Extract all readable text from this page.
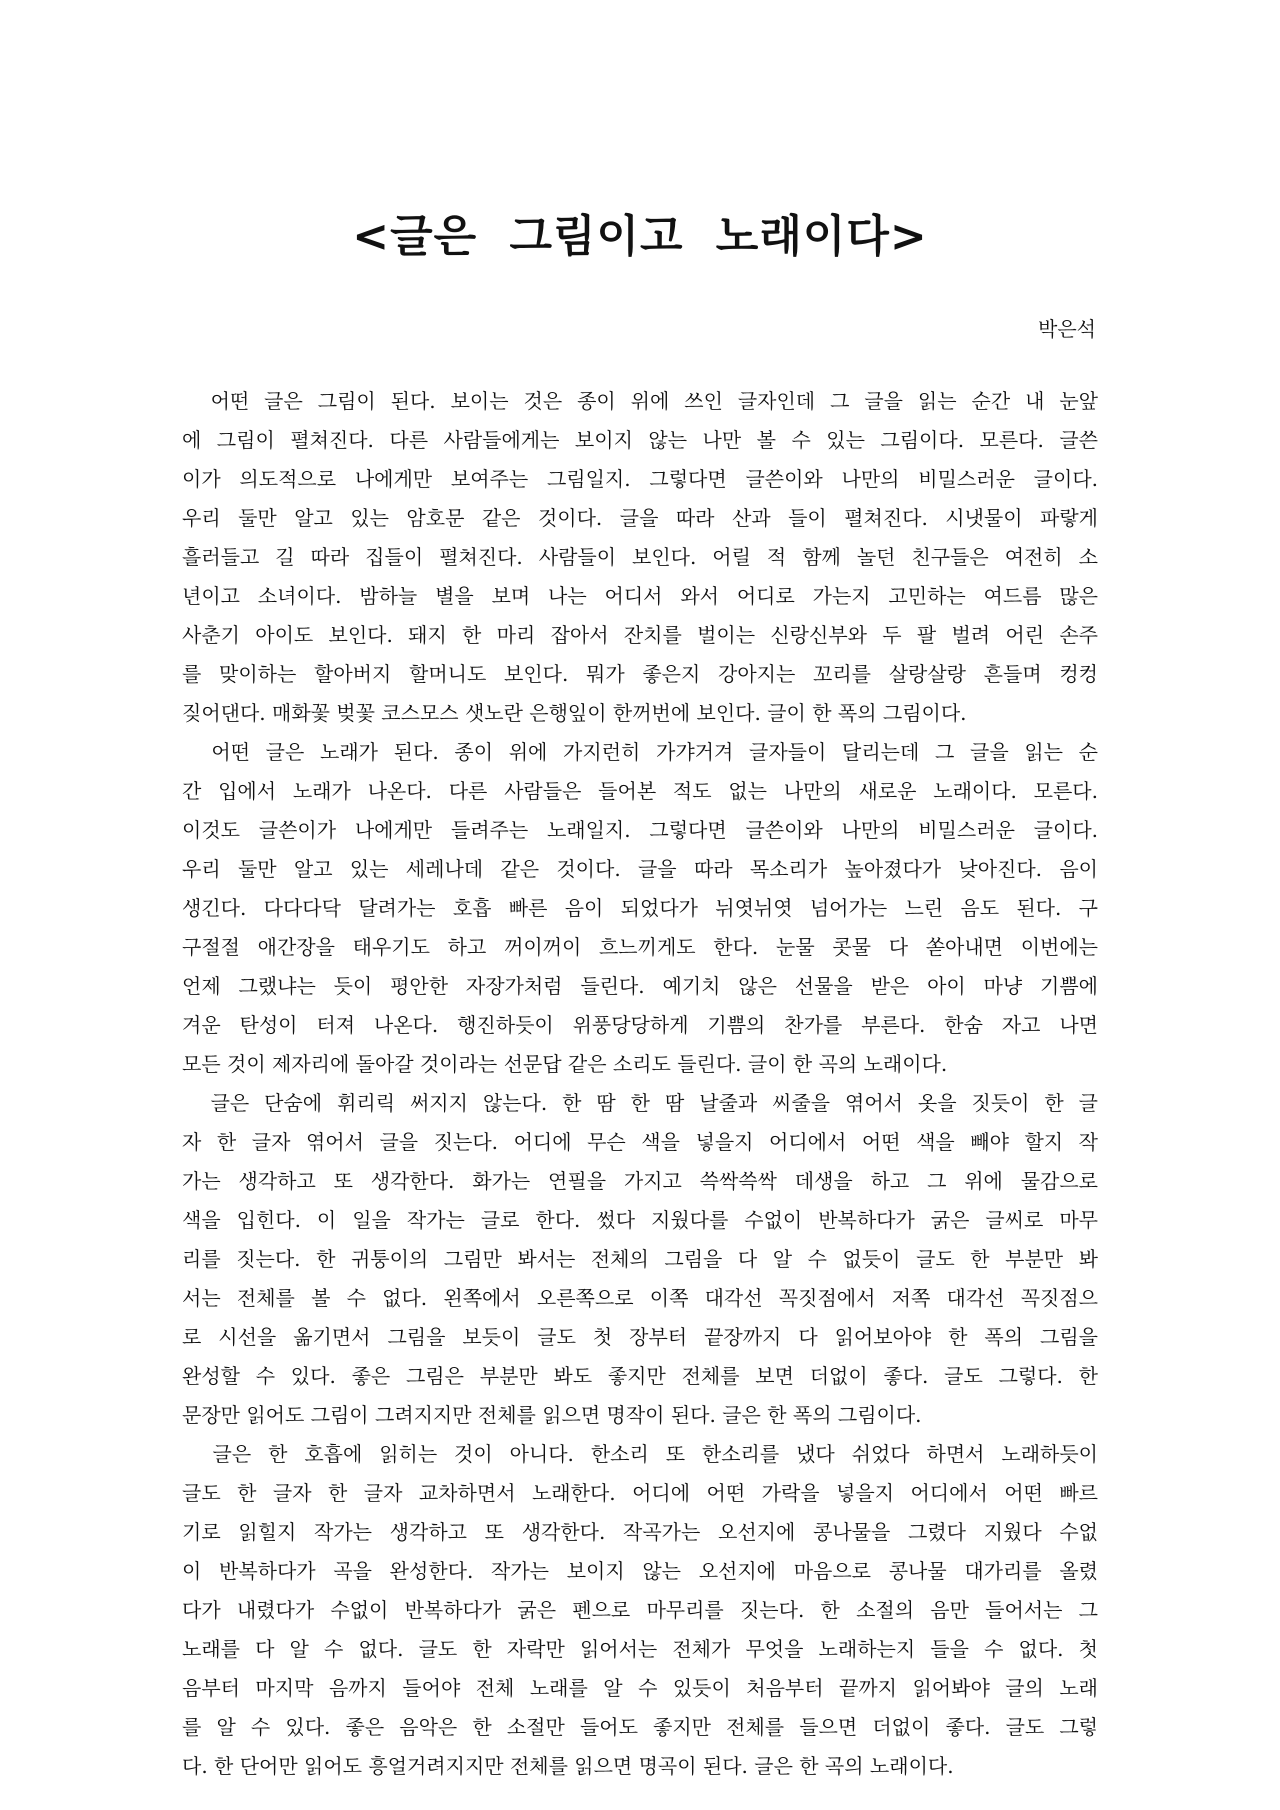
<글은 그림이고 노래이다>

박은석

　어떤 글은 그림이 된다. 보이는 것은 종이 위에 쓰인 글자인데 그 글을 읽는 순간 내 눈앞
에 그림이 펼쳐진다. 다른 사람들에게는 보이지 않는 나만 볼 수 있는 그림이다. 모른다. 글쓴
이가 의도적으로 나에게만 보여주는 그림일지. 그렇다면 글쓴이와 나만의 비밀스러운 글이다.
우리 둘만 알고 있는 암호문 같은 것이다. 글을 따라 산과 들이 펼쳐진다. 시냇물이 파랗게
흘러들고 길 따라 집들이 펼쳐진다. 사람들이 보인다. 어릴 적 함께 놀던 친구들은 여전히 소
년이고 소녀이다. 밤하늘 별을 보며 나는 어디서 와서 어디로 가는지 고민하는 여드름 많은
사춘기 아이도 보인다. 돼지 한 마리 잡아서 잔치를 벌이는 신랑신부와 두 팔 벌려 어린 손주
를 맞이하는 할아버지 할머니도 보인다. 뭐가 좋은지 강아지는 꼬리를 살랑살랑 흔들며 컹컹
짖어댄다. 매화꽃 벚꽃 코스모스 샛노란 은행잎이 한꺼번에 보인다. 글이 한 폭의 그림이다.
　어떤 글은 노래가 된다. 종이 위에 가지런히 가갸거겨 글자들이 달리는데 그 글을 읽는 순
간 입에서 노래가 나온다. 다른 사람들은 들어본 적도 없는 나만의 새로운 노래이다. 모른다.
이것도 글쓴이가 나에게만 들려주는 노래일지. 그렇다면 글쓴이와 나만의 비밀스러운 글이다.
우리 둘만 알고 있는 세레나데 같은 것이다. 글을 따라 목소리가 높아졌다가 낮아진다. 음이
생긴다. 다다다닥 달려가는 호흡 빠른 음이 되었다가 뉘엿뉘엿 넘어가는 느린 음도 된다. 구
구절절 애간장을 태우기도 하고 꺼이꺼이 흐느끼게도 한다. 눈물 콧물 다 쏟아내면 이번에는
언제 그랬냐는 듯이 평안한 자장가처럼 들린다. 예기치 않은 선물을 받은 아이 마냥 기쁨에
겨운 탄성이 터져 나온다. 행진하듯이 위풍당당하게 기쁨의 찬가를 부른다. 한숨 자고 나면
모든 것이 제자리에 돌아갈 것이라는 선문답 같은 소리도 들린다. 글이 한 곡의 노래이다.
　글은 단숨에 휘리릭 써지지 않는다. 한 땀 한 땀 날줄과 씨줄을 엮어서 옷을 짓듯이 한 글
자 한 글자 엮어서 글을 짓는다. 어디에 무슨 색을 넣을지 어디에서 어떤 색을 빼야 할지 작
가는 생각하고 또 생각한다. 화가는 연필을 가지고 쓱싹쓱싹 데생을 하고 그 위에 물감으로
색을 입힌다. 이 일을 작가는 글로 한다. 썼다 지웠다를 수없이 반복하다가 굵은 글씨로 마무
리를 짓는다. 한 귀퉁이의 그림만 봐서는 전체의 그림을 다 알 수 없듯이 글도 한 부분만 봐
서는 전체를 볼 수 없다. 왼쪽에서 오른쪽으로 이쪽 대각선 꼭짓점에서 저쪽 대각선 꼭짓점으
로 시선을 옮기면서 그림을 보듯이 글도 첫 장부터 끝장까지 다 읽어보아야 한 폭의 그림을
완성할 수 있다. 좋은 그림은 부분만 봐도 좋지만 전체를 보면 더없이 좋다. 글도 그렇다. 한
문장만 읽어도 그림이 그려지지만 전체를 읽으면 명작이 된다. 글은 한 폭의 그림이다.
　글은 한 호흡에 읽히는 것이 아니다. 한소리 또 한소리를 냈다 쉬었다 하면서 노래하듯이
글도 한 글자 한 글자 교차하면서 노래한다. 어디에 어떤 가락을 넣을지 어디에서 어떤 빠르
기로 읽힐지 작가는 생각하고 또 생각한다. 작곡가는 오선지에 콩나물을 그렸다 지웠다 수없
이 반복하다가 곡을 완성한다. 작가는 보이지 않는 오선지에 마음으로 콩나물 대가리를 올렸
다가 내렸다가 수없이 반복하다가 굵은 펜으로 마무리를 짓는다. 한 소절의 음만 들어서는 그
노래를 다 알 수 없다. 글도 한 자락만 읽어서는 전체가 무엇을 노래하는지 들을 수 없다. 첫
음부터 마지막 음까지 들어야 전체 노래를 알 수 있듯이 처음부터 끝까지 읽어봐야 글의 노래
를 알 수 있다. 좋은 음악은 한 소절만 들어도 좋지만 전체를 들으면 더없이 좋다. 글도 그렇
다. 한 단어만 읽어도 흥얼거려지지만 전체를 읽으면 명곡이 된다. 글은 한 곡의 노래이다.
